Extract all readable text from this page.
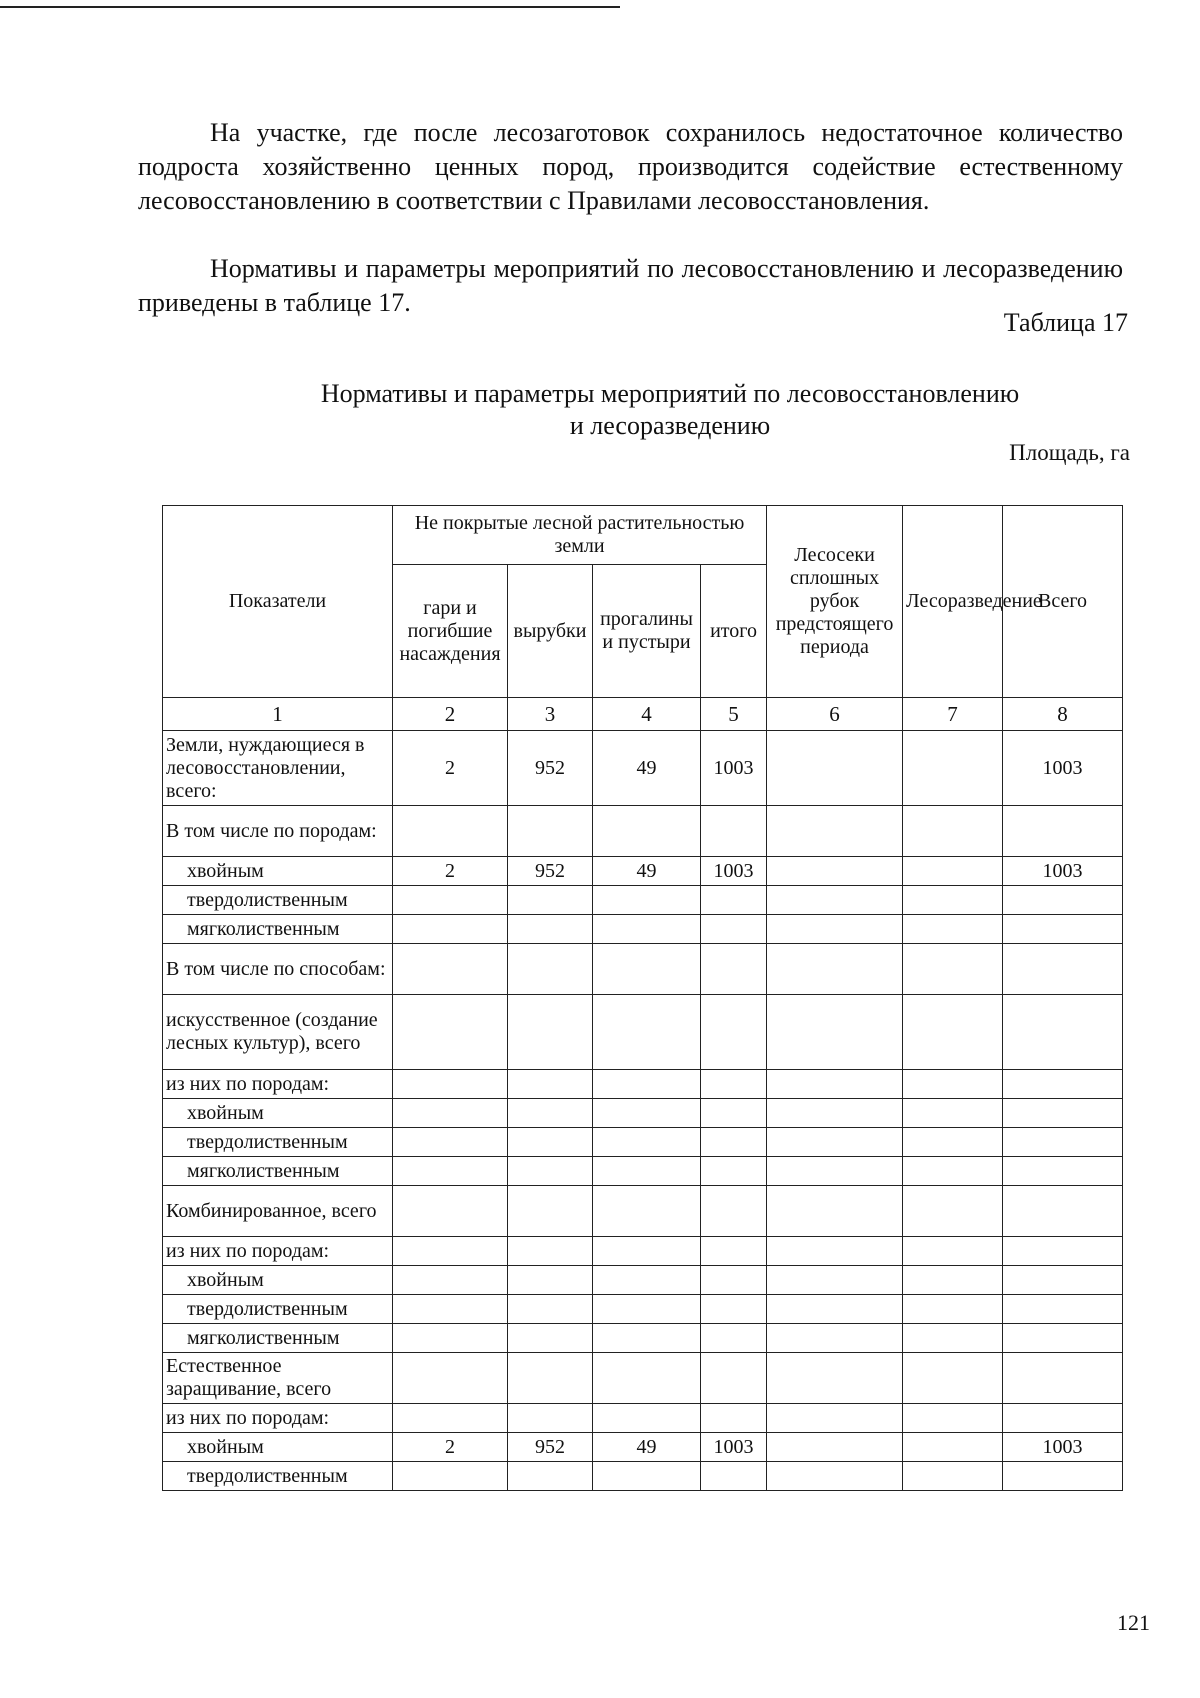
На участке, где после лесозаготовок сохранилось недостаточное количество подроста хозяйственно ценных пород, производится содействие естественному лесовосстановлению в соответствии с Правилами лесовосстановления.

Нормативы и параметры мероприятий по лесовосстановлению и лесоразведению приведены в таблице 17.

Таблица 17
Нормативы и параметры мероприятий по лесовосстановлению
и лесоразведению
Площадь, га
Показатели	Не покрытые лесной растительностью земли				Лесосеки сплошных рубок предстоящего периода	Лесоразведение	Всего
	гари и погибшие насаждения	вырубки	прогалины и пустыри	итого			
1	2	3	4	5	6	7	8
Земли, нуждающиеся в лесовосстановлении, всего:	2	952	49	1003			1003
В том числе по породам:							
хвойным	2	952	49	1003			1003
твердолиственным							
мягколиственным							
В том числе по способам:							
искусственное (создание лесных культур), всего							
из них по породам:							
хвойным							
твердолиственным							
мягколиственным							
Комбинированное, всего							
из них по породам:							
хвойным							
твердолиственным							
мягколиственным							
Естественное заращивание, всего							
из них по породам:							
хвойным	2	952	49	1003			1003
твердолиственным							
121
